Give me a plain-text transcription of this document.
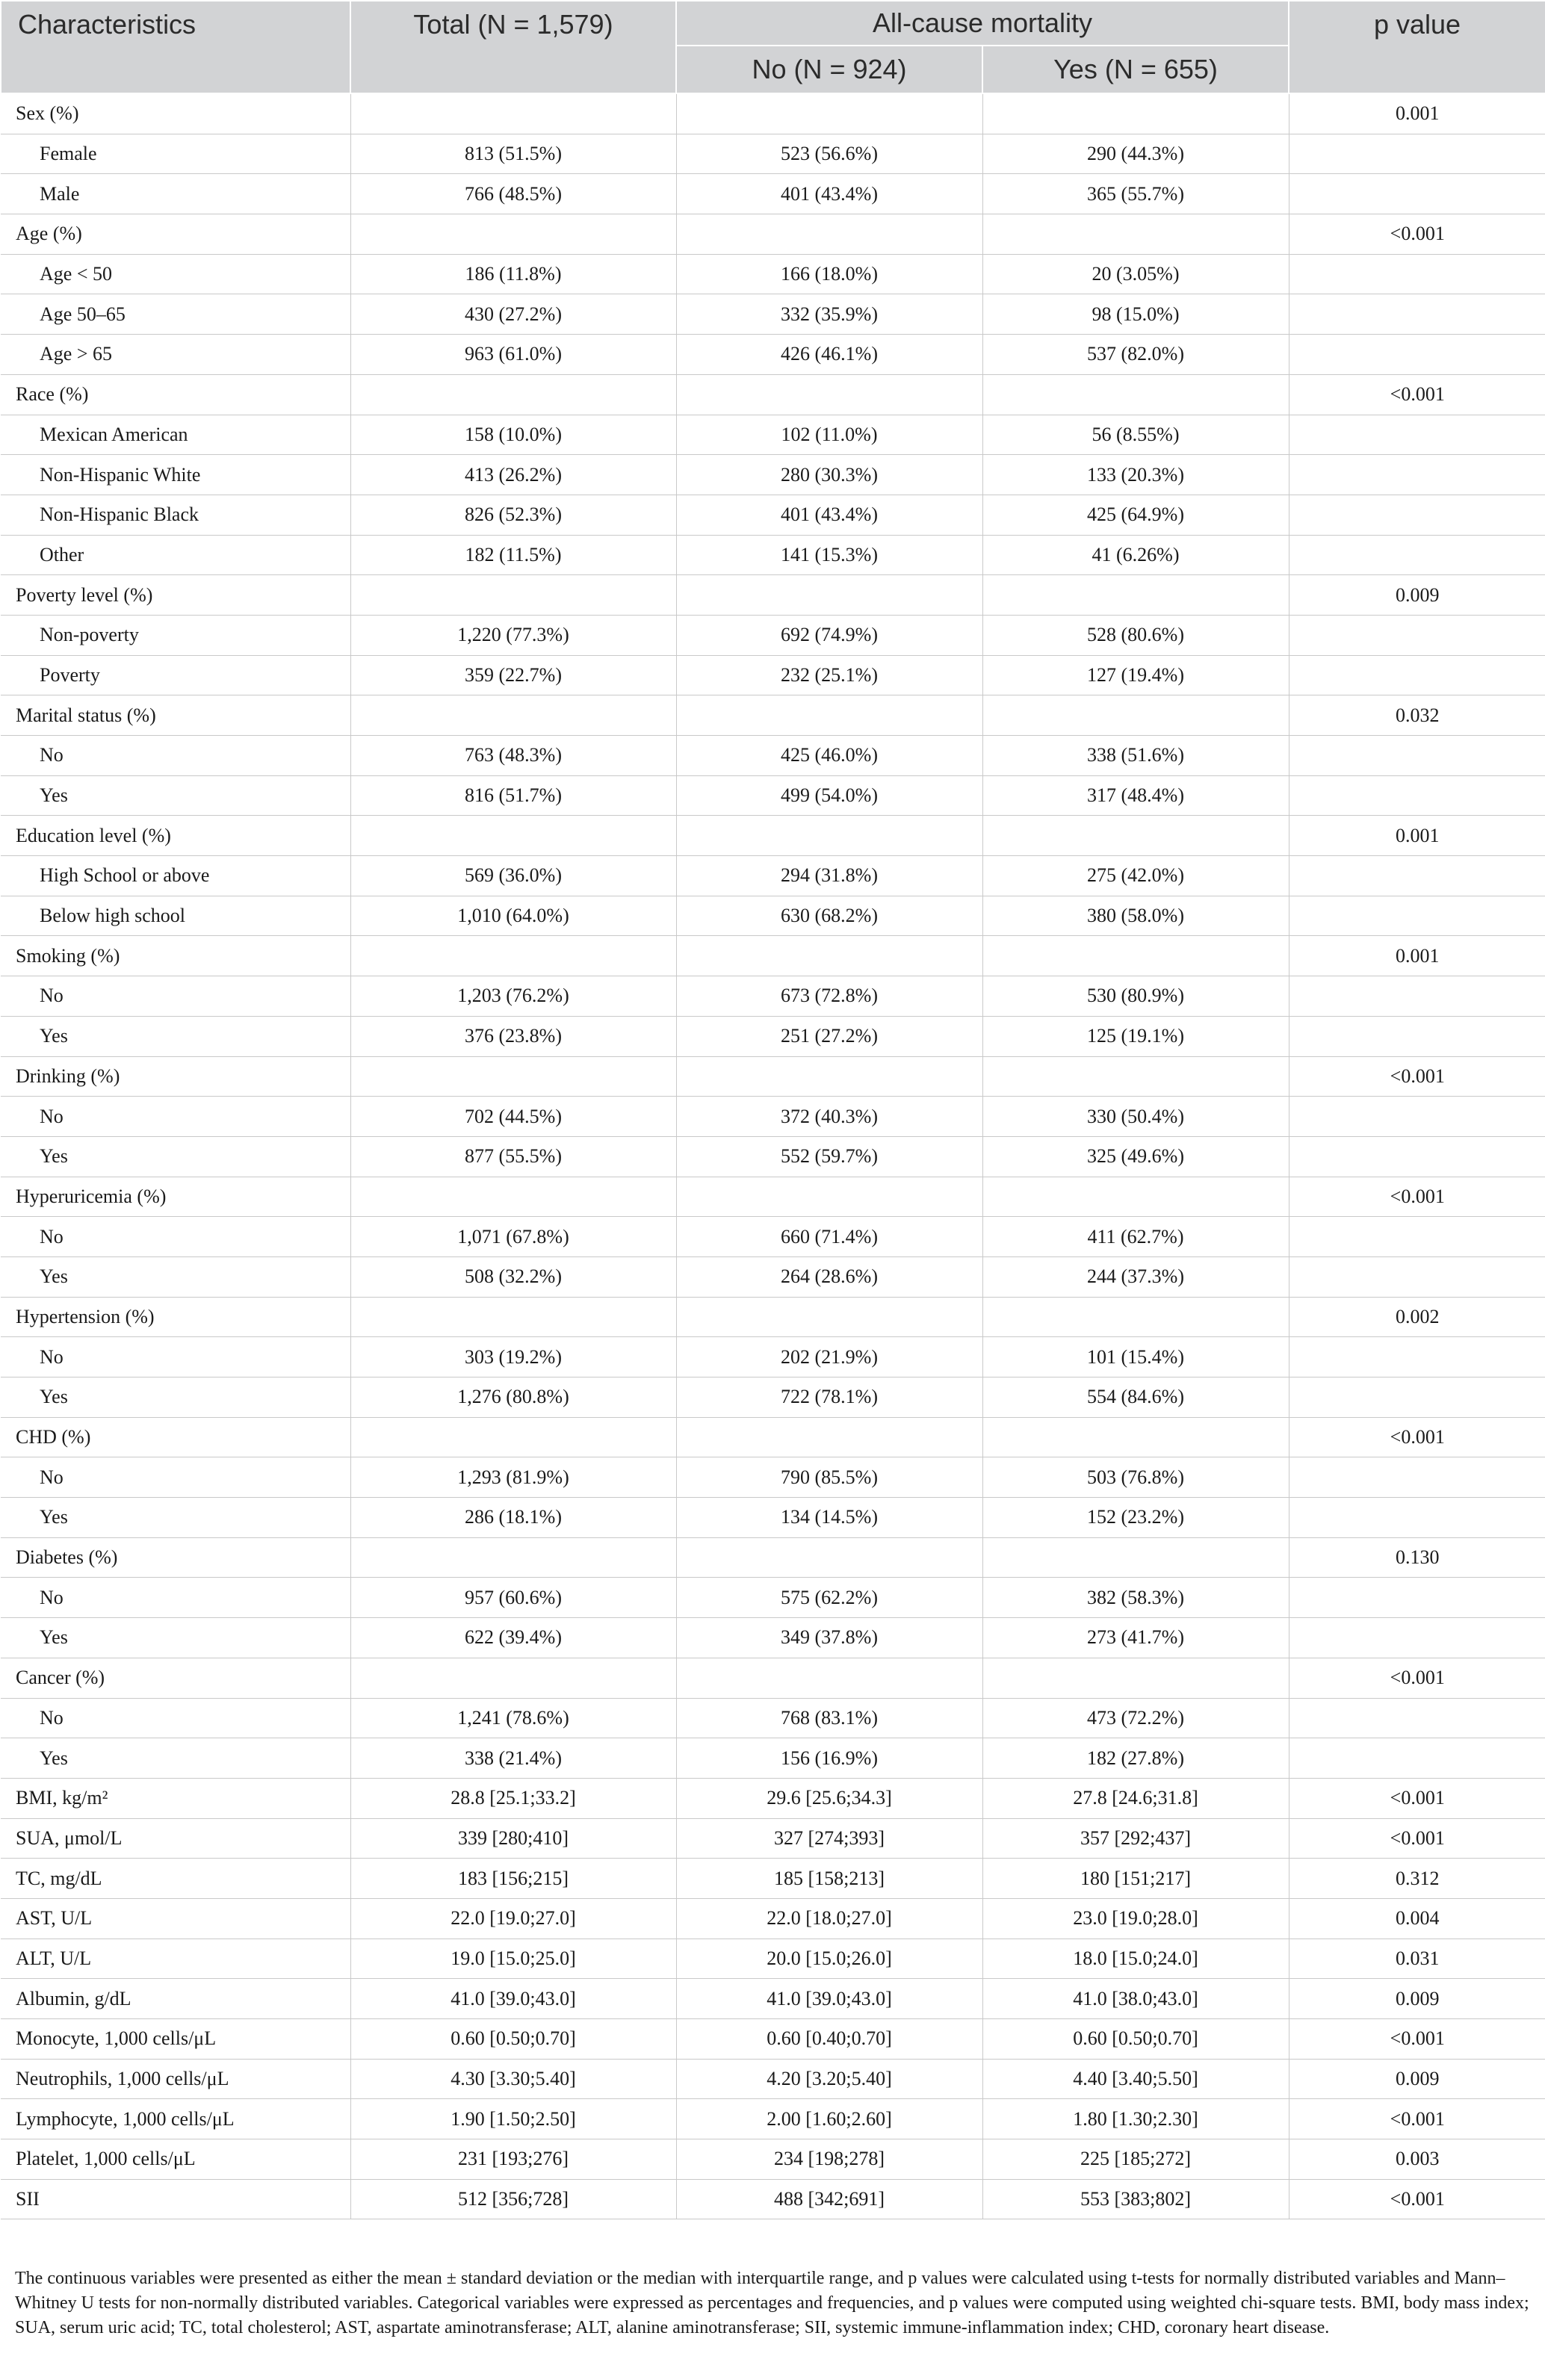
Characteristics	Total (N = 1,579)	All-cause mortality		p value
		No (N = 924)	Yes (N = 655)	
Sex (%)				0.001
Female	813 (51.5%)	523 (56.6%)	290 (44.3%)	
Male	766 (48.5%)	401 (43.4%)	365 (55.7%)	
Age (%)				<0.001
Age < 50	186 (11.8%)	166 (18.0%)	20 (3.05%)	
Age 50–65	430 (27.2%)	332 (35.9%)	98 (15.0%)	
Age > 65	963 (61.0%)	426 (46.1%)	537 (82.0%)	
Race (%)				<0.001
Mexican American	158 (10.0%)	102 (11.0%)	56 (8.55%)	
Non-Hispanic White	413 (26.2%)	280 (30.3%)	133 (20.3%)	
Non-Hispanic Black	826 (52.3%)	401 (43.4%)	425 (64.9%)	
Other	182 (11.5%)	141 (15.3%)	41 (6.26%)	
Poverty level (%)				0.009
Non-poverty	1,220 (77.3%)	692 (74.9%)	528 (80.6%)	
Poverty	359 (22.7%)	232 (25.1%)	127 (19.4%)	
Marital status (%)				0.032
No	763 (48.3%)	425 (46.0%)	338 (51.6%)	
Yes	816 (51.7%)	499 (54.0%)	317 (48.4%)	
Education level (%)				0.001
High School or above	569 (36.0%)	294 (31.8%)	275 (42.0%)	
Below high school	1,010 (64.0%)	630 (68.2%)	380 (58.0%)	
Smoking (%)				0.001
No	1,203 (76.2%)	673 (72.8%)	530 (80.9%)	
Yes	376 (23.8%)	251 (27.2%)	125 (19.1%)	
Drinking (%)				<0.001
No	702 (44.5%)	372 (40.3%)	330 (50.4%)	
Yes	877 (55.5%)	552 (59.7%)	325 (49.6%)	
Hyperuricemia (%)				<0.001
No	1,071 (67.8%)	660 (71.4%)	411 (62.7%)	
Yes	508 (32.2%)	264 (28.6%)	244 (37.3%)	
Hypertension (%)				0.002
No	303 (19.2%)	202 (21.9%)	101 (15.4%)	
Yes	1,276 (80.8%)	722 (78.1%)	554 (84.6%)	
CHD (%)				<0.001
No	1,293 (81.9%)	790 (85.5%)	503 (76.8%)	
Yes	286 (18.1%)	134 (14.5%)	152 (23.2%)	
Diabetes (%)				0.130
No	957 (60.6%)	575 (62.2%)	382 (58.3%)	
Yes	622 (39.4%)	349 (37.8%)	273 (41.7%)	
Cancer (%)				<0.001
No	1,241 (78.6%)	768 (83.1%)	473 (72.2%)	
Yes	338 (21.4%)	156 (16.9%)	182 (27.8%)	
BMI, kg/m²	28.8 [25.1;33.2]	29.6 [25.6;34.3]	27.8 [24.6;31.8]	<0.001
SUA, μmol/L	339 [280;410]	327 [274;393]	357 [292;437]	<0.001
TC, mg/dL	183 [156;215]	185 [158;213]	180 [151;217]	0.312
AST, U/L	22.0 [19.0;27.0]	22.0 [18.0;27.0]	23.0 [19.0;28.0]	0.004
ALT, U/L	19.0 [15.0;25.0]	20.0 [15.0;26.0]	18.0 [15.0;24.0]	0.031
Albumin, g/dL	41.0 [39.0;43.0]	41.0 [39.0;43.0]	41.0 [38.0;43.0]	0.009
Monocyte, 1,000 cells/μL	0.60 [0.50;0.70]	0.60 [0.40;0.70]	0.60 [0.50;0.70]	<0.001
Neutrophils, 1,000 cells/μL	4.30 [3.30;5.40]	4.20 [3.20;5.40]	4.40 [3.40;5.50]	0.009
Lymphocyte, 1,000 cells/μL	1.90 [1.50;2.50]	2.00 [1.60;2.60]	1.80 [1.30;2.30]	<0.001
Platelet, 1,000 cells/μL	231 [193;276]	234 [198;278]	225 [185;272]	0.003
SII	512 [356;728]	488 [342;691]	553 [383;802]	<0.001
The continuous variables were presented as either the mean ± standard deviation or the median with interquartile range, and p values were calculated using t-tests for normally distributed variables and Mann–Whitney U tests for non-normally distributed variables. Categorical variables were expressed as percentages and frequencies, and p values were computed using weighted chi-square tests. BMI, body mass index; SUA, serum uric acid; TC, total cholesterol; AST, aspartate aminotransferase; ALT, alanine aminotransferase; SII, systemic immune-inflammation index; CHD, coronary heart disease.
